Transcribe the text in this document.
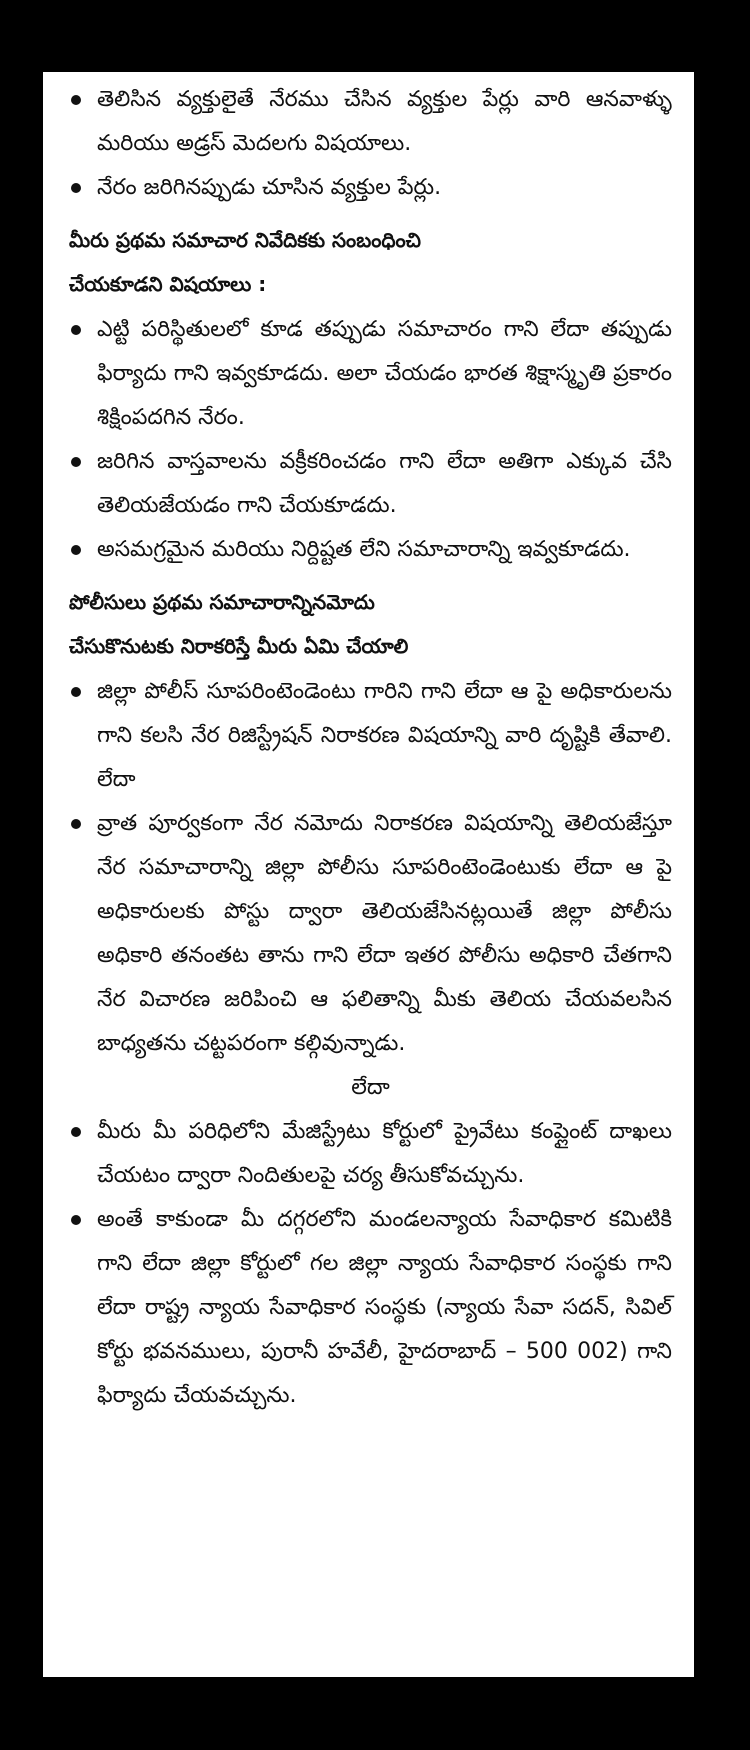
తెలిసిన వ్యక్తులైతే నేరము చేసిన వ్యక్తుల పేర్లు వారి ఆనవాళ్ళు మరియు అడ్రస్ మెదలగు విషయాలు.
నేరం జరిగినప్పుడు చూసిన వ్యక్తుల పేర్లు.
మీరు ప్రథమ సమాచార నివేదికకు సంబంధించి
చేయకూడని విషయాలు :
ఎట్టి పరిస్థితులలో కూడ తప్పుడు సమాచారం గాని లేదా తప్పుడు ఫిర్యాదు గాని ఇవ్వకూడదు. అలా చేయడం భారత శిక్షాస్మృతి ప్రకారం శిక్షింపదగిన నేరం.
జరిగిన వాస్తవాలను వక్రీకరించడం గాని లేదా అతిగా ఎక్కువ చేసి తెలియజేయడం గాని చేయకూడదు.
అసమగ్రమైన మరియు నిర్దిష్టత లేని సమాచారాన్ని ఇవ్వకూడదు.
పోలీసులు ప్రథమ సమాచారాన్నినమోదు
చేసుకొనుటకు నిరాకరిస్తే మీరు ఏమి చేయాలి
జిల్లా పోలీస్ సూపరింటెండెంటు గారిని గాని లేదా ఆ పై అధికారులను గాని కలసి నేర రిజిస్ట్రేషన్ నిరాకరణ విషయాన్ని వారి దృష్టికి తేవాలి. లేదా
వ్రాత పూర్వకంగా నేర నమోదు నిరాకరణ విషయాన్ని తెలియజేస్తూ నేర సమాచారాన్ని జిల్లా పోలీసు సూపరింటెండెంటుకు లేదా ఆ పై అధికారులకు పోస్టు ద్వారా తెలియజేసినట్లయితే జిల్లా పోలీసు అధికారి తనంతట తాను గాని లేదా ఇతర పోలీసు అధికారి చేతగాని నేర విచారణ జరిపించి ఆ ఫలితాన్ని మీకు తెలియ చేయవలసిన బాధ్యతను చట్టపరంగా కల్గివున్నాడు.
లేదా
మీరు మీ పరిధిలోని మేజిస్ట్రేటు కోర్టులో ప్రైవేటు కంప్లైంట్ దాఖలు చేయటం ద్వారా నిందితులపై చర్య తీసుకోవచ్చును.
అంతే కాకుండా మీ దగ్గరలోని మండలన్యాయ సేవాధికార కమిటికి గాని లేదా జిల్లా కోర్టులో గల జిల్లా న్యాయ సేవాధికార సంస్థకు గాని లేదా రాష్ట్ర న్యాయ సేవాధికార సంస్థకు (న్యాయ సేవా సదన్, సివిల్ కోర్టు భవనములు, పురానీ హవేలీ, హైదరాబాద్ – 500 002) గాని ఫిర్యాదు చేయవచ్చును.
